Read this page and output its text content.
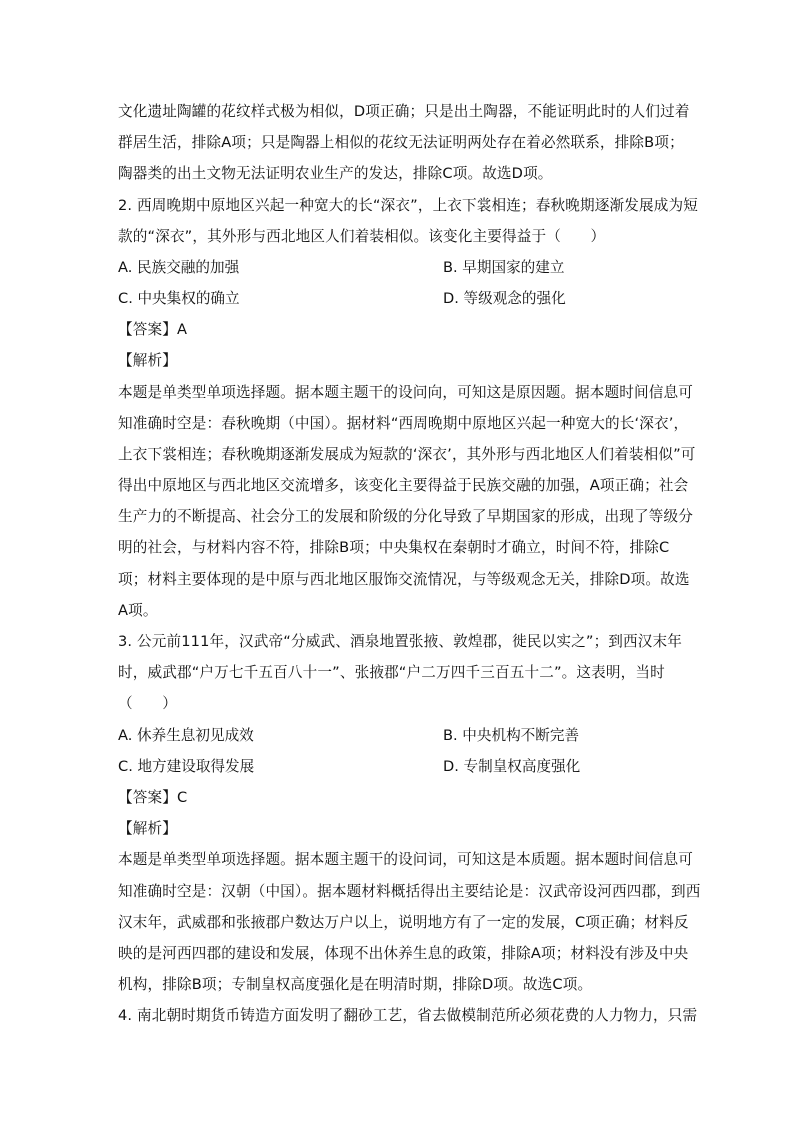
文化遗址陶罐的花纹样式极为相似，D项正确；只是出土陶器，不能证明此时的人们过着
群居生活，排除A项；只是陶器上相似的花纹无法证明两处存在着必然联系，排除B项；
陶器类的出土文物无法证明农业生产的发达，排除C项。故选D项。
2. 西周晚期中原地区兴起一种宽大的长“深衣”，上衣下裳相连；春秋晚期逐渐发展成为短
款的“深衣”，其外形与西北地区人们着装相似。该变化主要得益于（　　）
A. 民族交融的加强	B. 早期国家的建立
C. 中央集权的确立	D. 等级观念的强化
【答案】A
【解析】
本题是单类型单项选择题。据本题主题干的设问向，可知这是原因题。据本题时间信息可
知准确时空是：春秋晚期（中国）。据材料“西周晚期中原地区兴起一种宽大的长‘深衣’，
上衣下裳相连；春秋晚期逐渐发展成为短款的‘深衣’，其外形与西北地区人们着装相似”可
得出中原地区与西北地区交流增多，该变化主要得益于民族交融的加强，A项正确；社会
生产力的不断提高、社会分工的发展和阶级的分化导致了早期国家的形成，出现了等级分
明的社会，与材料内容不符，排除B项；中央集权在秦朝时才确立，时间不符，排除C
项；材料主要体现的是中原与西北地区服饰交流情况，与等级观念无关，排除D项。故选
A项。
3. 公元前111年，汉武帝“分威武、酒泉地置张掖、敦煌郡，徙民以实之”；到西汉末年
时，威武郡“户万七千五百八十一”、张掖郡“户二万四千三百五十二”。这表明，当时
（　　）
A. 休养生息初见成效	B. 中央机构不断完善
C. 地方建设取得发展	D. 专制皇权高度强化
【答案】C
【解析】
本题是单类型单项选择题。据本题主题干的设问词，可知这是本质题。据本题时间信息可
知准确时空是：汉朝（中国）。据本题材料概括得出主要结论是：汉武帝设河西四郡，到西
汉末年，武威郡和张掖郡户数达万户以上，说明地方有了一定的发展，C项正确；材料反
映的是河西四郡的建设和发展，体现不出休养生息的政策，排除A项；材料没有涉及中央
机构，排除B项；专制皇权高度强化是在明清时期，排除D项。故选C项。
4. 南北朝时期货币铸造方面发明了翻砂工艺，省去做模制范所必须花费的人力物力，只需
